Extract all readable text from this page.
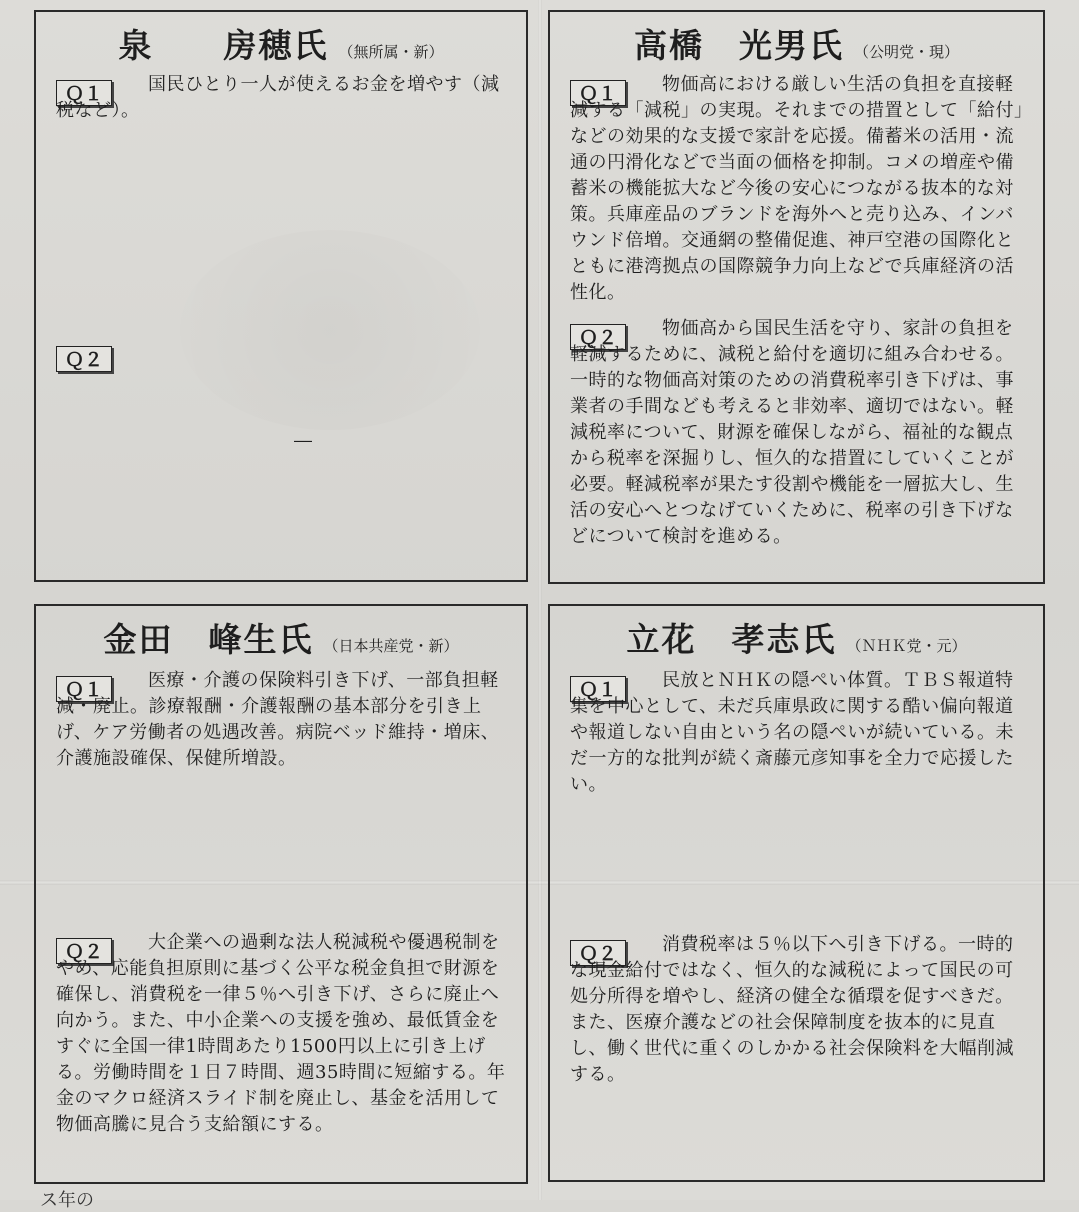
泉　　房穂氏 （無所属・新）
Ｑ１	国民ひとり一人が使えるお金を増やす（減税など）。

Ｑ２
―
高橋　光男氏 （公明党・現）
Ｑ１	物価高における厳しい生活の負担を直接軽減する「減税」の実現。それまでの措置として「給付」などの効果的な支援で家計を応援。備蓄米の活用・流通の円滑化などで当面の価格を抑制。コメの増産や備蓄米の機能拡大など今後の安心につながる抜本的な対策。兵庫産品のブランドを海外へと売り込み、インバウンド倍増。交通網の整備促進、神戸空港の国際化とともに港湾拠点の国際競争力向上などで兵庫経済の活性化。

Ｑ２	物価高から国民生活を守り、家計の負担を軽減するために、減税と給付を適切に組み合わせる。一時的な物価高対策のための消費税率引き下げは、事業者の手間なども考えると非効率、適切ではない。軽減税率について、財源を確保しながら、福祉的な観点から税率を深掘りし、恒久的な措置にしていくことが必要。軽減税率が果たす役割や機能を一層拡大し、生活の安心へとつなげていくために、税率の引き下げなどについて検討を進める。

金田　峰生氏 （日本共産党・新）
Ｑ１	医療・介護の保険料引き下げ、一部負担軽減・廃止。診療報酬・介護報酬の基本部分を引き上げ、ケア労働者の処遇改善。病院ベッド維持・増床、介護施設確保、保健所増設。

Ｑ２	大企業への過剰な法人税減税や優遇税制をやめ、応能負担原則に基づく公平な税金負担で財源を確保し、消費税を一律５％へ引き下げ、さらに廃止へ向かう。また、中小企業への支援を強め、最低賃金をすぐに全国一律1時間あたり1500円以上に引き上げる。労働時間を１日７時間、週35時間に短縮する。年金のマクロ経済スライド制を廃止し、基金を活用して物価高騰に見合う支給額にする。

立花　孝志氏 （ＮＨＫ党・元）
Ｑ１	民放とＮＨＫの隠ぺい体質。ＴＢＳ報道特集を中心として、未だ兵庫県政に関する酷い偏向報道や報道しない自由という名の隠ぺいが続いている。未だ一方的な批判が続く斎藤元彦知事を全力で応援したい。

Ｑ２	消費税率は５％以下へ引き下げる。一時的な現金給付ではなく、恒久的な減税によって国民の可処分所得を増やし、経済の健全な循環を促すべきだ。また、医療介護などの社会保障制度を抜本的に見直し、働く世代に重くのしかかる社会保険料を大幅削減する。

ス年の
